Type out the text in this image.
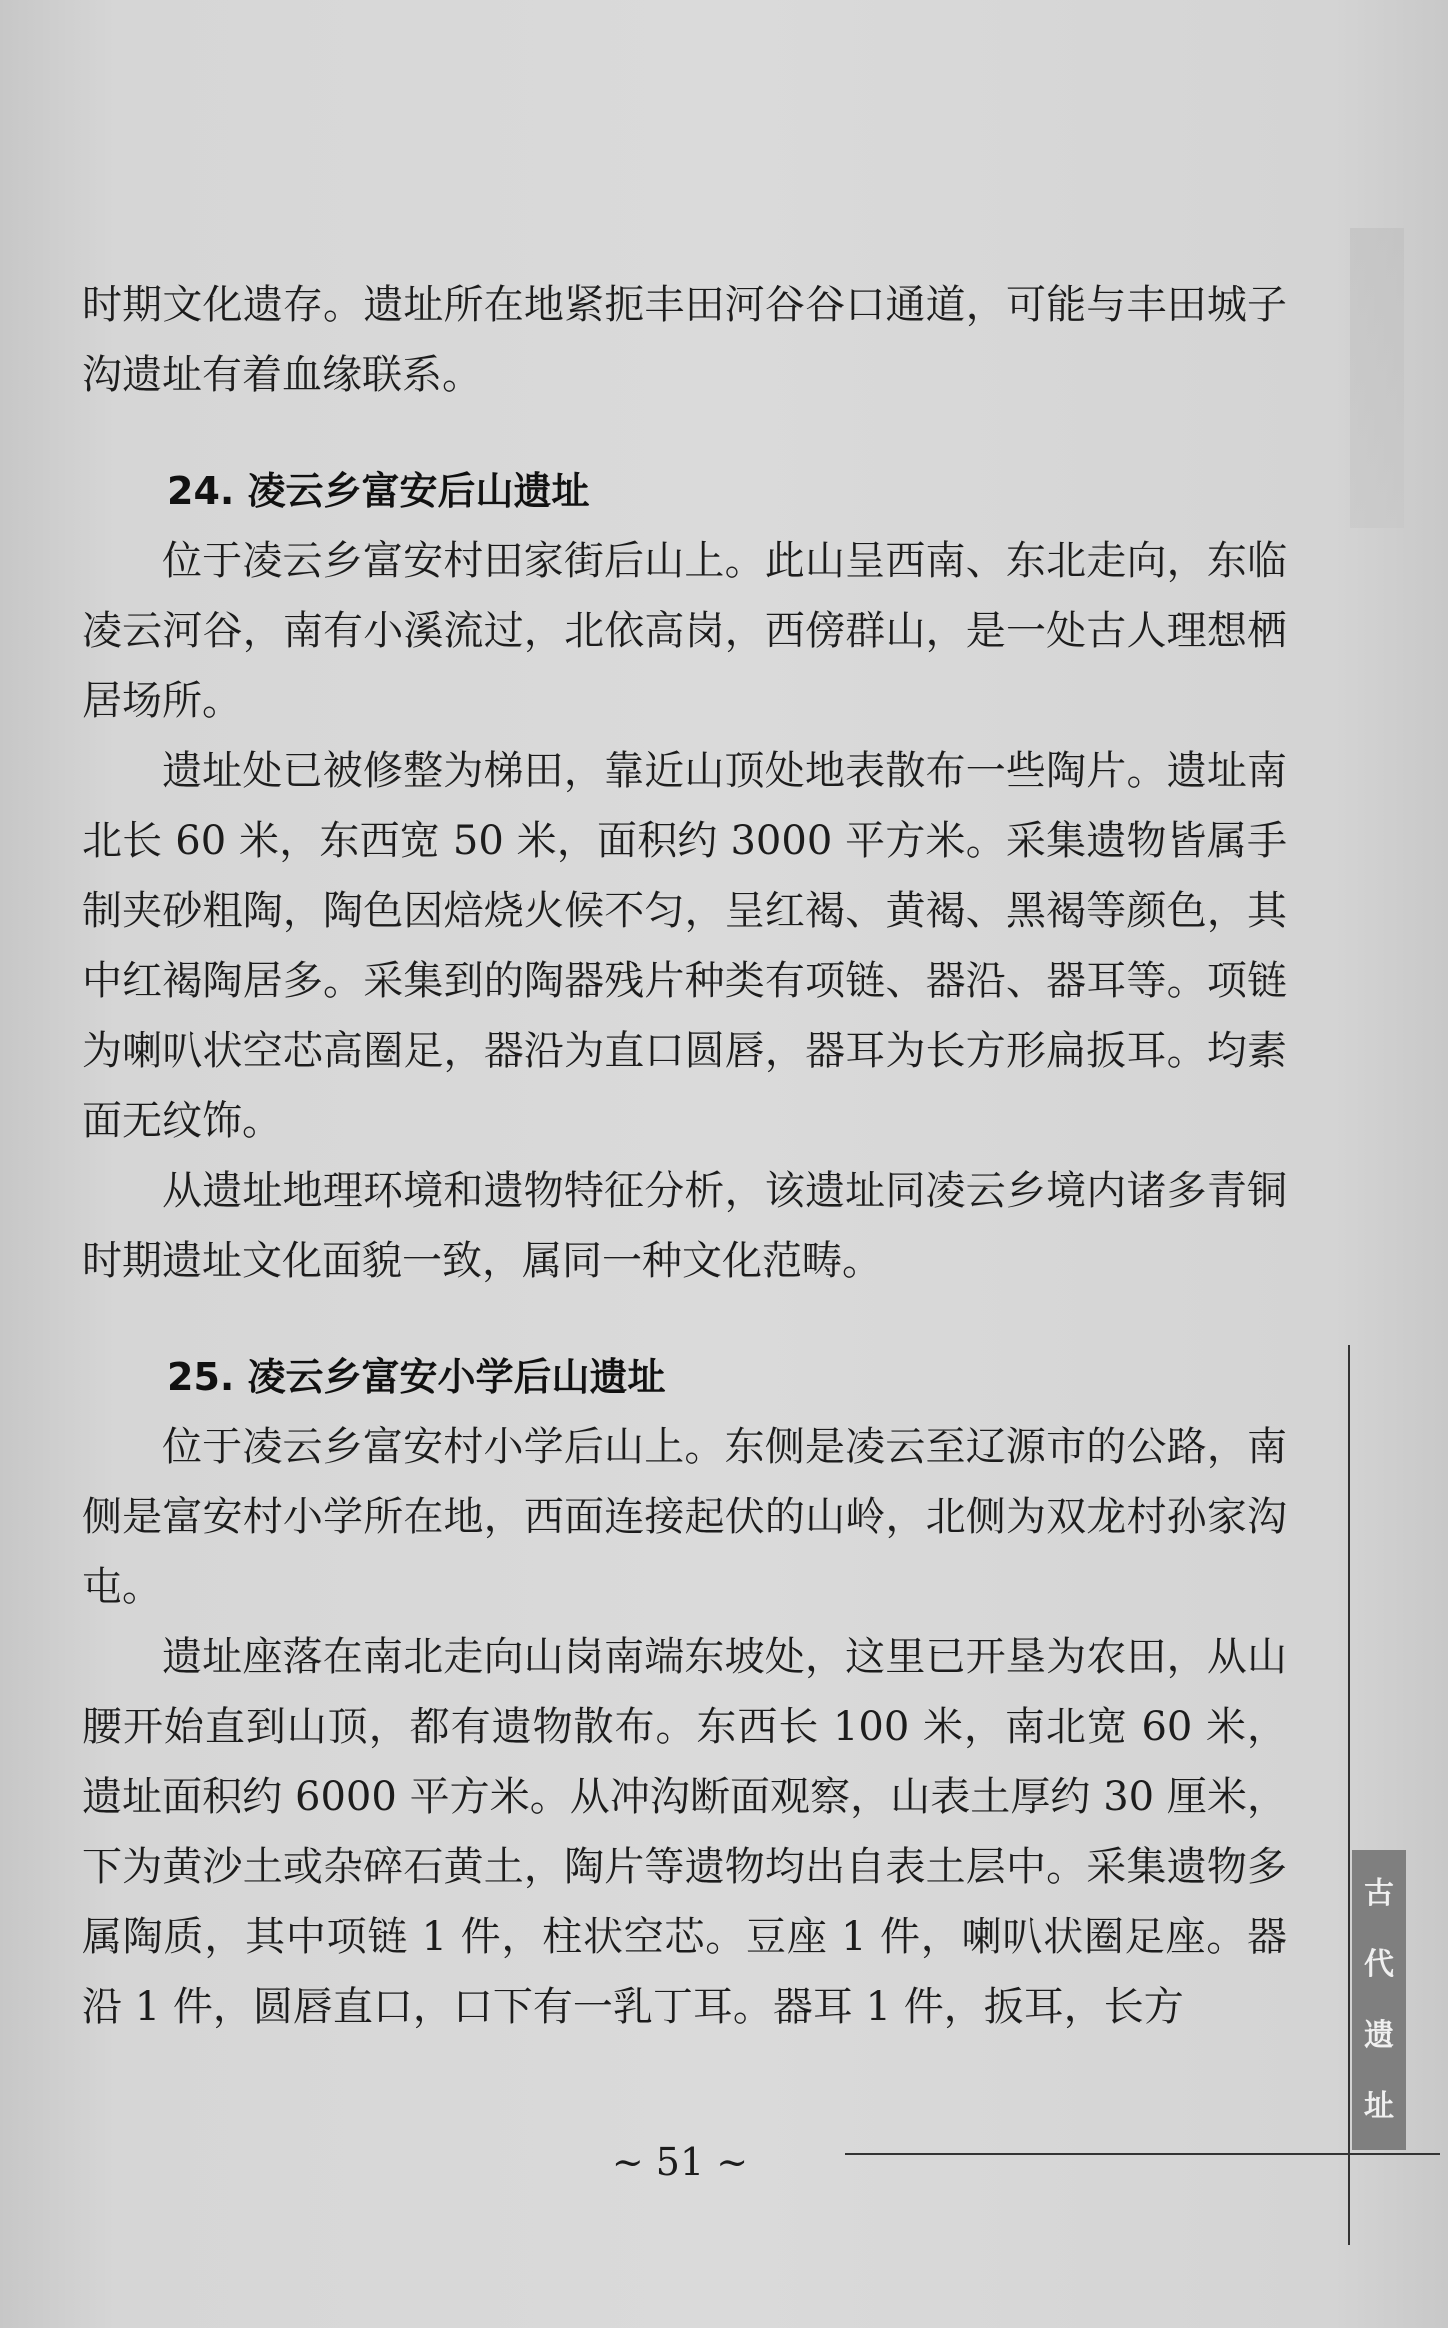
时期文化遗存。遗址所在地紧扼丰田河谷谷口通道，可能与丰田城子沟遗址有着血缘联系。

24. 凌云乡富安后山遗址

位于凌云乡富安村田家街后山上。此山呈西南、东北走向，东临凌云河谷，南有小溪流过，北依高岗，西傍群山，是一处古人理想栖居场所。

遗址处已被修整为梯田，靠近山顶处地表散布一些陶片。遗址南北长 60 米，东西宽 50 米，面积约 3000 平方米。采集遗物皆属手制夹砂粗陶，陶色因焙烧火候不匀，呈红褐、黄褐、黑褐等颜色，其中红褐陶居多。采集到的陶器残片种类有项链、器沿、器耳等。项链为喇叭状空芯高圈足，器沿为直口圆唇，器耳为长方形扁扳耳。均素面无纹饰。

从遗址地理环境和遗物特征分析，该遗址同凌云乡境内诸多青铜时期遗址文化面貌一致，属同一种文化范畴。

25. 凌云乡富安小学后山遗址

位于凌云乡富安村小学后山上。东侧是凌云至辽源市的公路，南侧是富安村小学所在地，西面连接起伏的山岭，北侧为双龙村孙家沟屯。

遗址座落在南北走向山岗南端东坡处，这里已开垦为农田，从山腰开始直到山顶，都有遗物散布。东西长 100 米，南北宽 60 米，遗址面积约 6000 平方米。从冲沟断面观察，山表土厚约 30 厘米，下为黄沙土或杂碎石黄土，陶片等遗物均出自表土层中。采集遗物多属陶质，其中项链 1 件，柱状空芯。豆座 1 件，喇叭状圈足座。器沿 1 件，圆唇直口，口下有一乳丁耳。器耳 1 件，扳耳，长方

古
代
遗
址
~ 51 ~
